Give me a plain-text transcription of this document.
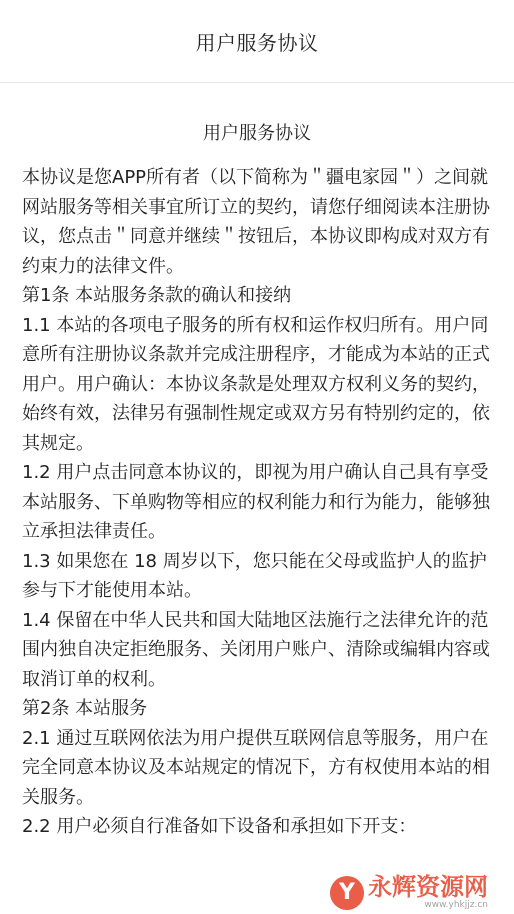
用户服务协议
用户服务协议

本协议是您APP所有者（以下简称为＂疆电家园＂）之间就网站服务等相关事宜所订立的契约，请您仔细阅读本注册协议，您点击＂同意并继续＂按钮后，本协议即构成对双方有约束力的法律文件。

第1条 本站服务条款的确认和接纳

1.1 本站的各项电子服务的所有权和运作权归所有。用户同意所有注册协议条款并完成注册程序，才能成为本站的正式用户。用户确认：本协议条款是处理双方权利义务的契约，始终有效，法律另有强制性规定或双方另有特别约定的，依其规定。

1.2 用户点击同意本协议的，即视为用户确认自己具有享受本站服务、下单购物等相应的权利能力和行为能力，能够独立承担法律责任。

1.3 如果您在 18 周岁以下，您只能在父母或监护人的监护参与下才能使用本站。

1.4 保留在中华人民共和国大陆地区法施行之法律允许的范围内独自决定拒绝服务、关闭用户账户、清除或编辑内容或取消订单的权利。

第2条 本站服务

2.1 通过互联网依法为用户提供互联网信息等服务，用户在完全同意本协议及本站规定的情况下，方有权使用本站的相关服务。

2.2 用户必须自行准备如下设备和承担如下开支：

Y 永辉资源网
www.yhkjjz.cn
